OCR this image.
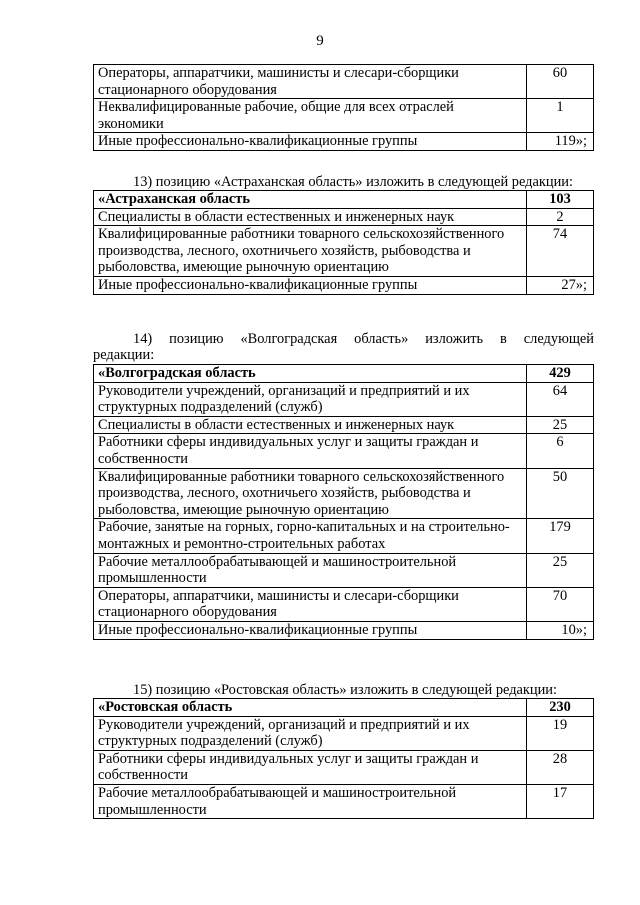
9
Операторы, аппаратчики, машинисты и слесари-сборщики стационарного оборудования	60
Неквалифицированные рабочие, общие для всех отраслей экономики	1
Иные профессионально-квалификационные группы	119»;
13) позицию «Астраханская область» изложить в следующей редакции:
«Астраханская область	103
Специалисты в области естественных и инженерных наук	2
Квалифицированные работники товарного сельскохозяйственного производства, лесного, охотничьего хозяйств, рыбоводства и рыболовства, имеющие рыночную ориентацию	74
Иные профессионально-квалификационные группы	27»;
14) позицию «Волгоградская область» изложить в следующей
редакции:
«Волгоградская область	429
Руководители учреждений, организаций и предприятий и их структурных подразделений (служб)	64
Специалисты в области естественных и инженерных наук	25
Работники сферы индивидуальных услуг и защиты граждан и собственности	6
Квалифицированные работники товарного сельскохозяйственного производства, лесного, охотничьего хозяйств, рыбоводства и рыболовства, имеющие рыночную ориентацию	50
Рабочие, занятые на горных, горно-капитальных и на строительно-монтажных и ремонтно-строительных работах	179
Рабочие металлообрабатывающей и машиностроительной промышленности	25
Операторы, аппаратчики, машинисты и слесари-сборщики стационарного оборудования	70
Иные профессионально-квалификационные группы	10»;
15) позицию «Ростовская область» изложить в следующей редакции:
«Ростовская область	230
Руководители учреждений, организаций и предприятий и их структурных подразделений (служб)	19
Работники сферы индивидуальных услуг и защиты граждан и собственности	28
Рабочие металлообрабатывающей и машиностроительной промышленности	17
